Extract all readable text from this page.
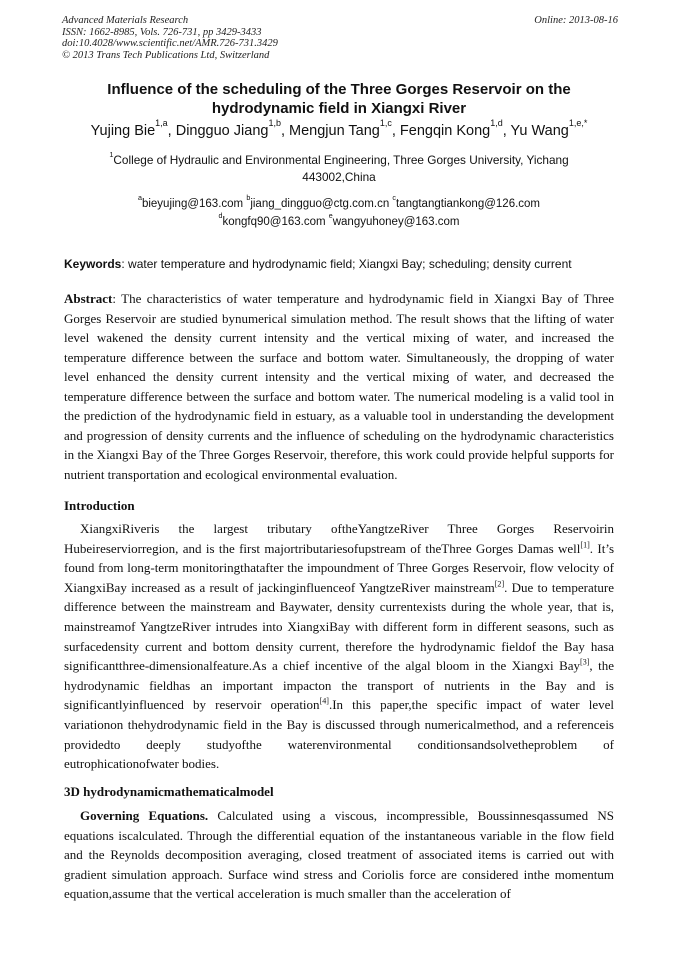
Advanced Materials Research
ISSN: 1662-8985, Vols. 726-731, pp 3429-3433
doi:10.4028/www.scientific.net/AMR.726-731.3429
© 2013 Trans Tech Publications Ltd, Switzerland
Online: 2013-08-16
Influence of the scheduling of the Three Gorges Reservoir on the
hydrodynamic field in Xiangxi River
Yujing Bie$^{1,a}$, Dingguo Jiang$^{1,b}$, Mengjun Tang$^{1,c}$, Fengqin Kong$^{1,d}$, Yu Wang$^{1,e,*}$
$^1$College of Hydraulic and Environmental Engineering, Three Gorges University, Yichang
443002,China
$^a$bieyujing@163.com $^b$jiang_dingguo@ctg.com.cn $^c$tangtangtiankong@126.com
$^d$kongfq90@163.com $^e$wangyuhoney@163.com
Keywords: water temperature and hydrodynamic field; Xiangxi Bay; scheduling; density current
Abstract: The characteristics of water temperature and hydrodynamic field in Xiangxi Bay of Three Gorges Reservoir are studied bynumerical simulation method. The result shows that the lifting of water level wakened the density current intensity and the vertical mixing of water, and increased the temperature difference between the surface and bottom water. Simultaneously, the dropping of water level enhanced the density current intensity and the vertical mixing of water, and decreased the temperature difference between the surface and bottom water. The numerical modeling is a valid tool in the prediction of the hydrodynamic field in estuary, as a valuable tool in understanding the development and progression of density currents and the influence of scheduling on the hydrodynamic characteristics in the Xiangxi Bay of the Three Gorges Reservoir, therefore, this work could provide helpful supports for nutrient transportation and ecological environmental evaluation.
Introduction
XiangxiRiveris the largest tributary oftheYangtzeRiver Three Gorges Reservoirin Hubeireserviorregion, and is the first majortributariesofupstream of theThree Gorges Damas well[1]. It’s found from long-term monitoringthatafter the impoundment of Three Gorges Reservoir, flow velocity of XiangxiBay increased as a result of jackinginfluenceof YangtzeRiver mainstream[2]. Due to temperature difference between the mainstream and Baywater, density currentexists during the whole year, that is, mainstreamof YangtzeRiver intrudes into XiangxiBay with different form in different seasons, such as surfacedensity current and bottom density current, therefore the hydrodynamic fieldof the Bay hasa significantthree-dimensionalfeature.As a chief incentive of the algal bloom in the Xiangxi Bay[3], the hydrodynamic fieldhas an important impacton the transport of nutrients in the Bay and is significantlyinfluenced by reservoir operation[4].In this paper,the specific impact of water level variationon thehydrodynamic field in the Bay is discussed through numericalmethod, and a referenceis providedto deeply studyofthe waterenvironmental conditionsandsolvetheproblem of eutrophicationofwater bodies.
3D hydrodynamicmathematicalmodel
Governing Equations. Calculated using a viscous, incompressible, Boussinnesqassumed NS equations iscalculated. Through the differential equation of the instantaneous variable in the flow field and the Reynolds decomposition averaging, closed treatment of associated items is carried out with gradient simulation approach. Surface wind stress and Coriolis force are considered inthe momentum equation,assume that the vertical acceleration is much smaller than the acceleration of
